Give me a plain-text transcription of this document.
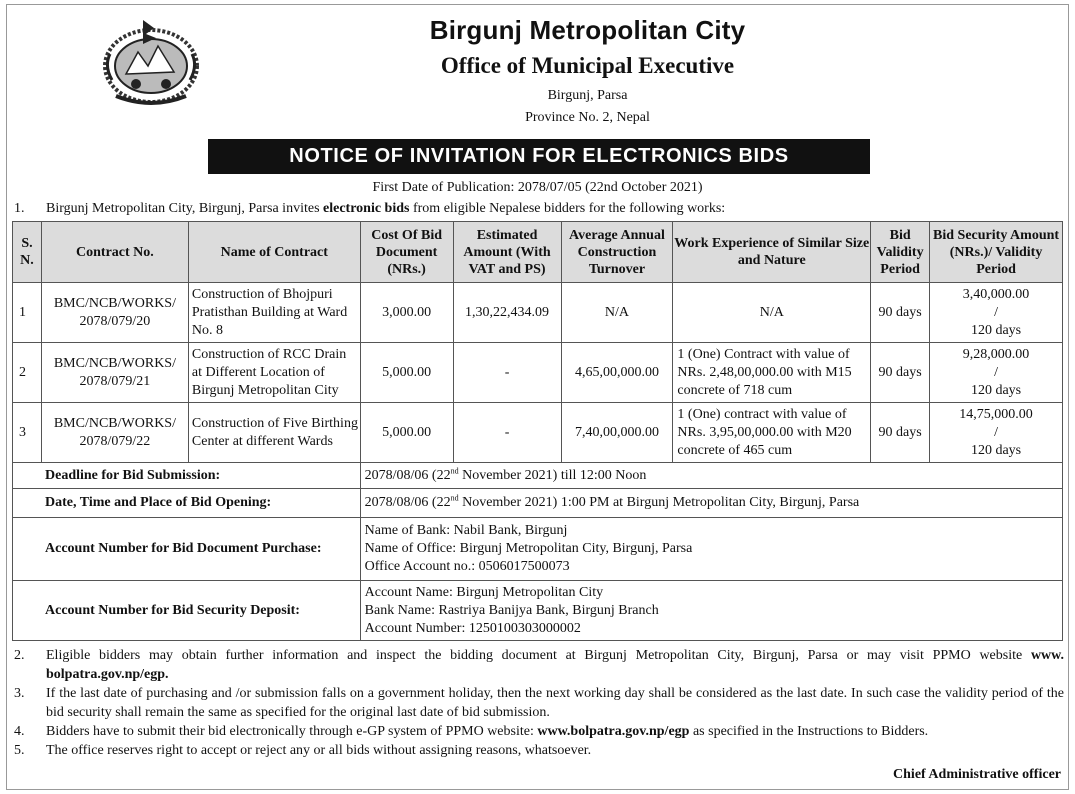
Birgunj Metropolitan City
Office of Municipal Executive
Birgunj, Parsa
Province No. 2, Nepal
NOTICE OF INVITATION FOR ELECTRONICS BIDS
First Date of Publication: 2078/07/05 (22nd October 2021)
1. Birgunj Metropolitan City, Birgunj, Parsa invites electronic bids from eligible Nepalese bidders for the following works:
S.
N.	Contract No.	Name of Contract	Cost Of Bid Document (NRs.)	Estimated Amount (With VAT and PS)	Average Annual Construction Turnover	Work Experience of Similar Size and Nature	Bid Validity Period	Bid Security Amount (NRs.)/ Validity Period
1	BMC/NCB/WORKS/
2078/079/20	Construction of Bhojpuri Pratisthan Building at Ward No. 8	3,000.00	1,30,22,434.09	N/A	N/A	90 days	3,40,000.00
/
120 days
2	BMC/NCB/WORKS/
2078/079/21	Construction of RCC Drain at Different Location of Birgunj Metropolitan City	5,000.00	-	4,65,00,000.00	1 (One) Contract with value of NRs. 2,48,00,000.00 with M15 concrete of 718 cum	90 days	9,28,000.00
/
120 days
3	BMC/NCB/WORKS/
2078/079/22	Construction of Five Birthing Center at different Wards	5,000.00	-	7,40,00,000.00	1 (One) contract with value of NRs. 3,95,00,000.00 with M20 concrete of 465 cum	90 days	14,75,000.00
/
120 days
Deadline for Bid Submission:			2078/08/06 (22nd November 2021) till 12:00 Noon					
Date, Time and Place of Bid Opening:			2078/08/06 (22nd November 2021) 1:00 PM at Birgunj Metropolitan City, Birgunj, Parsa					
Account Number for Bid Document Purchase:			Name of Bank: Nabil Bank, Birgunj
Name of Office: Birgunj Metropolitan City, Birgunj, Parsa
Office Account no.: 0506017500073					
Account Number for Bid Security Deposit:			Account Name: Birgunj Metropolitan City
Bank Name: Rastriya Banijya Bank, Birgunj Branch
Account Number: 1250100303000002					
2.	Eligible bidders may obtain further information and inspect the bidding document at Birgunj Metropolitan City, Birgunj, Parsa or may visit PPMO website www. bolpatra.gov.np/egp.
3.	If the last date of purchasing and /or submission falls on a government holiday, then the next working day shall be considered as the last date. In such case the validity period of the bid security shall remain the same as specified for the original last date of bid submission.
4.	Bidders have to submit their bid electronically through e-GP system of PPMO website: www.bolpatra.gov.np/egp as specified in the Instructions to Bidders.
5.	The office reserves right to accept or reject any or all bids without assigning reasons, whatsoever.
Chief Administrative officer
